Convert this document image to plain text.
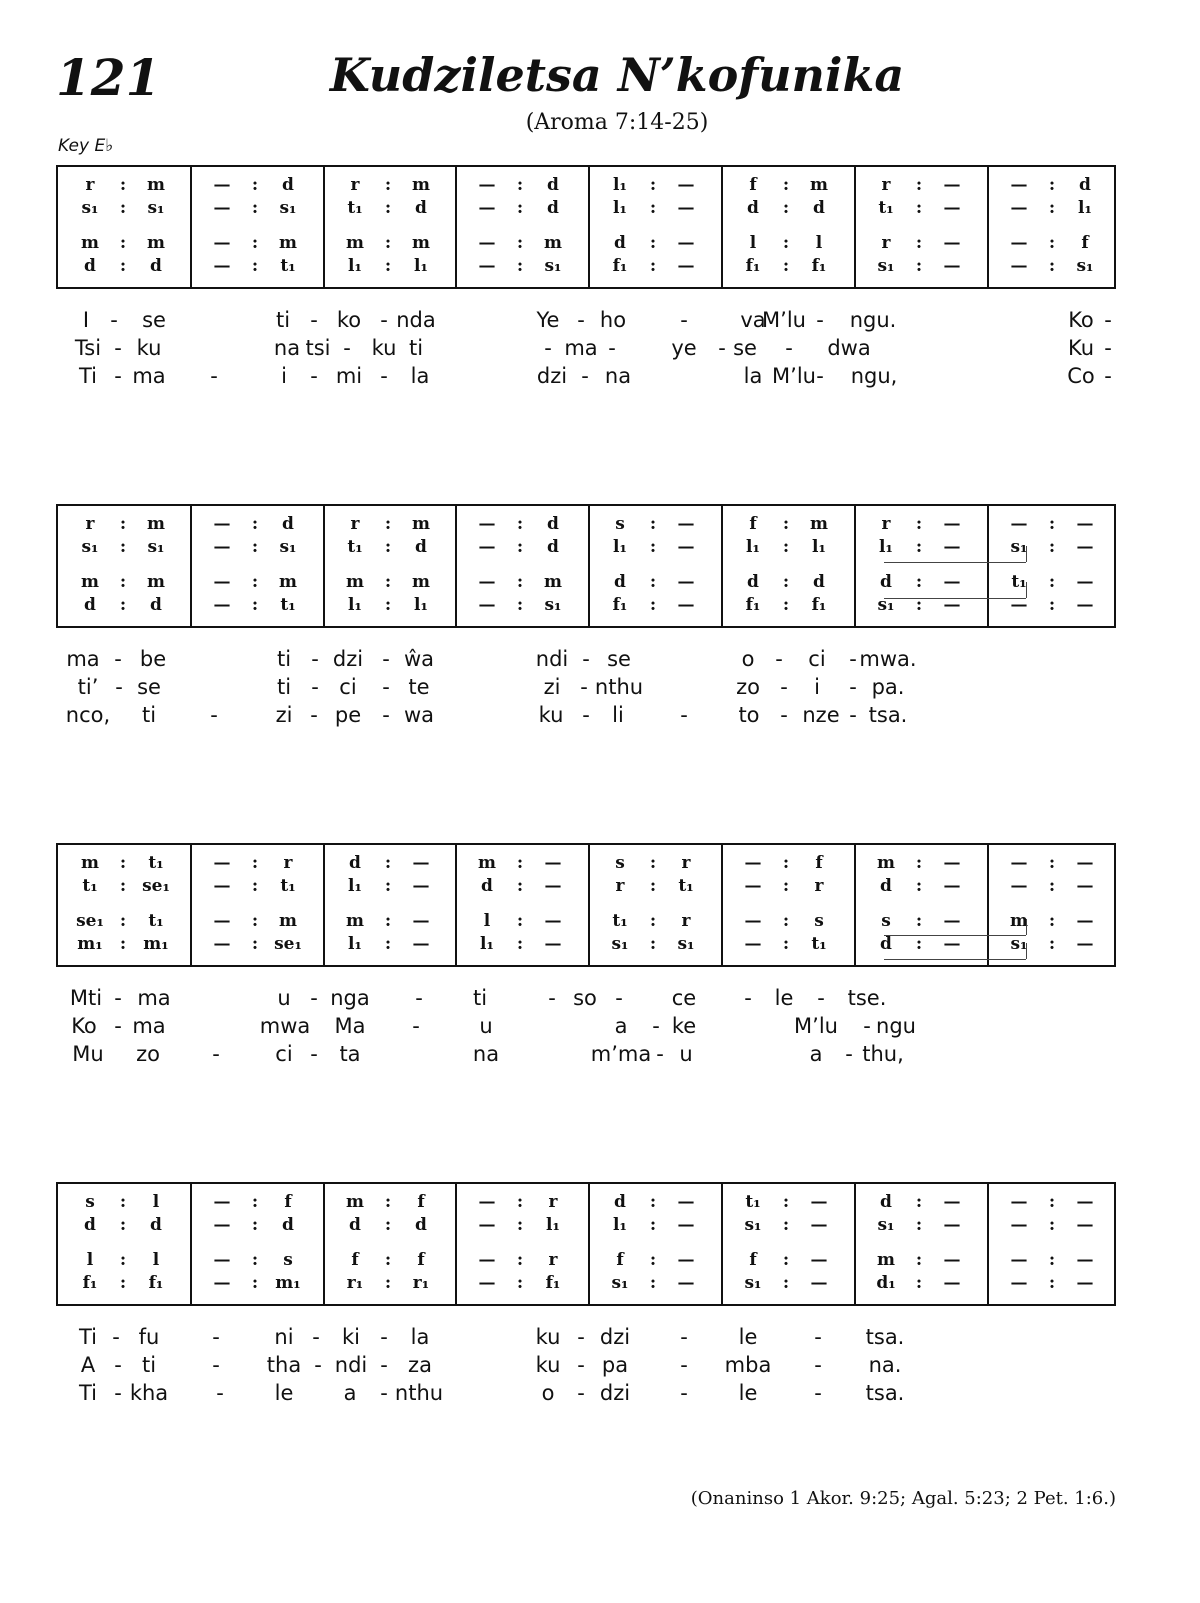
121	Kudziletsa N’kofunika
(Aroma 7:14-25)
Key E♭
r : m	— : d	r : m	— : d	l₁ : —	f : m	r : —	— : d
s₁ : s₁	— : s₁	t₁ : d	— : d	l₁ : —	d : d	t₁ : —	— : l₁
m : m	— : m	m : m	— : m	d : —	l : l	r : —	— : f
d : d	— : t₁	l₁ : l₁	— : s₁	f₁ : —	f₁ : f₁	s₁ : —	— : s₁
I - se	ti - ko - nda	Ye - ho	-	va
M’lu - ngu.	Ko -
Tsi - ku	na tsi - ku ti	- ma -	ye - se - dwa	Ku -
Ti - ma -	i - mi - la	dzi - na	la M’lu - ngu,	Co -
r : m	— : d	r : m	— : d	s : —	f : m	r : —	— : —
s₁ : s₁	— : s₁	t₁ : d	— : d	l₁ : —	l₁ : l₁	l₁ : —	s₁ : —
m : m	— : m	m : m	— : m	d : —	d : d	d : —	t₁ : —
d : d	— : t₁	l₁ : l₁	— : s₁	f₁ : —	f₁ : f₁	s₁ : —	— : —
ma - be	ti - dzi - ŵa	ndi - se	o - ci - mwa.
ti’ - se	ti - ci - te	zi - nthu	zo - i - pa.
nco, ti	-	zi - pe - wa	ku - li	- to - nze - tsa.
m : t₁	— : r	d : —	m : —	s : r	— : f	m : —	— : —
t₁ : se₁	— : t₁	l₁ : —	d : —	r : t₁	— : r	d : —	— : —
se₁ : t₁	— : m	m : —	l : —	t₁ : r	— : s	s : —	m : —
m₁ : m₁	— : se₁	l₁ : —	l₁ : —	s₁ : s₁	— : t₁	d : —	s₁ : —
Mti - ma	u - nga - ti	- so - ce - le - tse.
Ko - ma	mwa Ma -	u	a - ke	M’lu - ngu
Mu zo -	ci - ta	na	m’ma - u	a - thu,
s : l	— : f	m : f	— : r	d : —	t₁ : —	d : —	— : —
d : d	— : d	d : d	— : l₁	l₁ : —	s₁ : —	s₁ : —	— : —
l : l	— : s	f : f	— : r	f : —	f : —	m : —	— : —
f₁ : f₁	— : m₁	r₁ : r₁	— : f₁	s₁ : —	s₁ : —	d₁ : —	— : —
Ti - fu	-	ni - ki - la	ku - dzi - le	- tsa.
A - ti	- tha - ndi - za	ku - pa - mba - na.
Ti - kha - le a - nthu	o - dzi - le	- tsa.
(Onaninso 1 Akor. 9:25; Agal. 5:23; 2 Pet. 1:6.)
